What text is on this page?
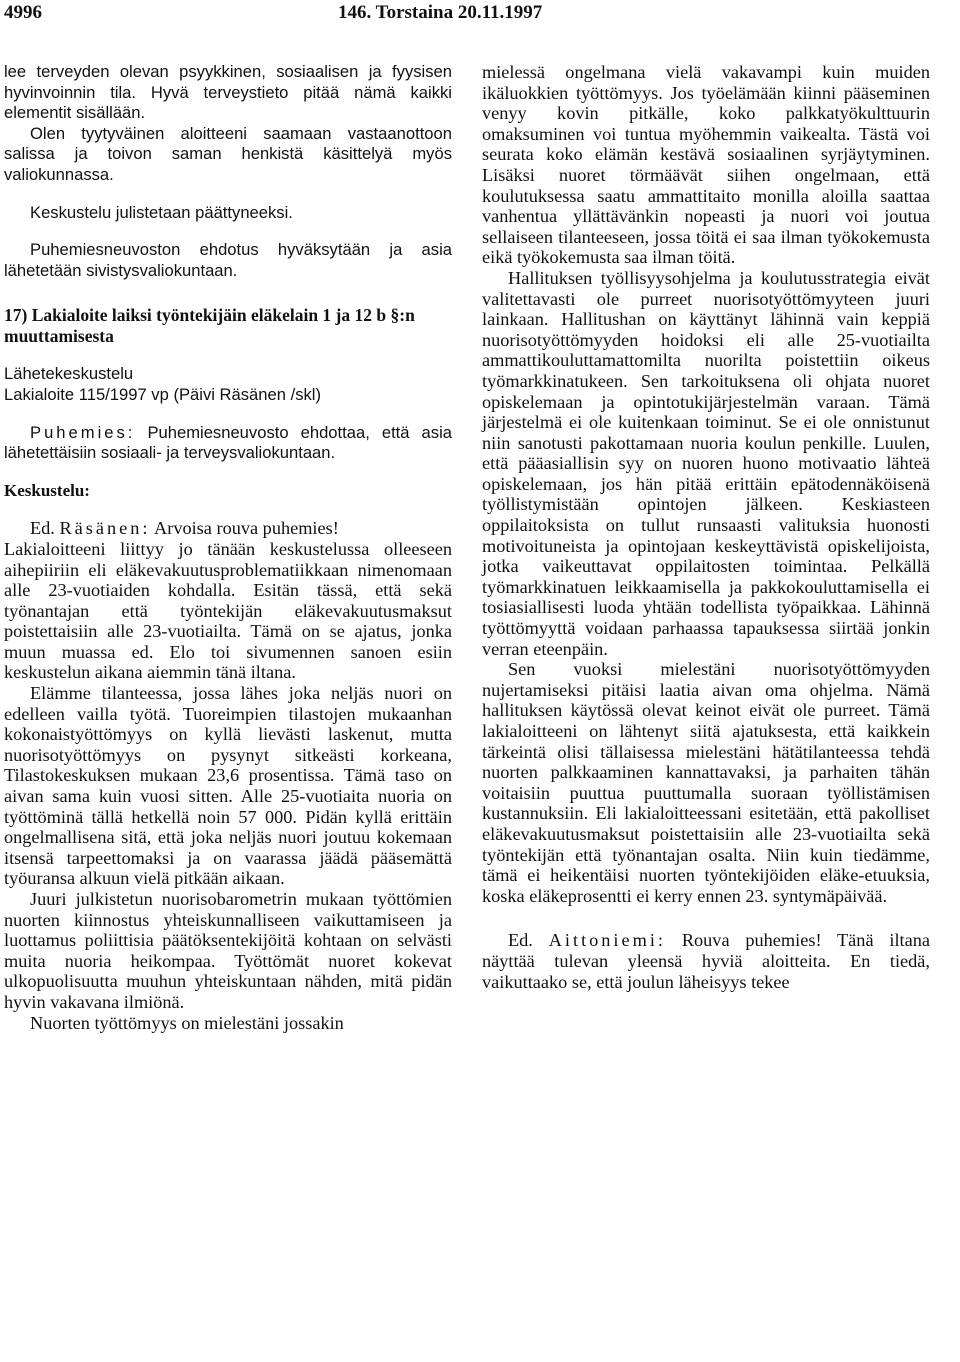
4996	146. Torstaina 20.11.1997

lee terveyden olevan psyykkinen, sosiaalisen ja fyysisen hyvinvoinnin tila. Hyvä terveystieto pitää nämä kaikki elementit sisällään.

Olen tyytyväinen aloitteeni saamaan vastaanottoon salissa ja toivon saman henkistä käsittelyä myös valiokunnassa.

Keskustelu julistetaan päättyneeksi.

Puhemiesneuvoston ehdotus hyväksytään ja asia lähetetään sivistysvaliokuntaan.

17) Lakialoite laiksi työntekijäin eläkelain 1 ja 12 b §:n muuttamisesta

Lähetekeskustelu

Lakialoite 115/1997 vp (Päivi Räsänen /skl)

Puhemies: Puhemiesneuvosto ehdottaa, että asia lähetettäisiin sosiaali- ja terveysvaliokuntaan.

Keskustelu:

Ed. Räsänen: Arvoisa rouva puhemies!

Lakialoitteeni liittyy jo tänään keskustelussa olleeseen aihepiiriin eli eläkevakuutusproblematiikkaan nimenomaan alle 23-vuotiaiden kohdalla. Esitän tässä, että sekä työnantajan että työntekijän eläkevakuutusmaksut poistettaisiin alle 23-vuotiailta. Tämä on se ajatus, jonka muun muassa ed. Elo toi sivumennen sanoen esiin keskustelun aikana aiemmin tänä iltana.

Elämme tilanteessa, jossa lähes joka neljäs nuori on edelleen vailla työtä. Tuoreimpien tilastojen mukaanhan kokonaistyöttömyys on kyllä lievästi laskenut, mutta nuorisotyöttömyys on pysynyt sitkeästi korkeana, Tilastokeskuksen mukaan 23,6 prosentissa. Tämä taso on aivan sama kuin vuosi sitten. Alle 25-vuotiaita nuoria on työttöminä tällä hetkellä noin 57 000. Pidän kyllä erittäin ongelmallisena sitä, että joka neljäs nuori joutuu kokemaan itsensä tarpeettomaksi ja on vaarassa jäädä pääsemättä työuransa alkuun vielä pitkään aikaan.

Juuri julkistetun nuorisobarometrin mukaan työttömien nuorten kiinnostus yhteiskunnalliseen vaikuttamiseen ja luottamus poliittisia päätöksentekijöitä kohtaan on selvästi muita nuoria heikompaa. Työttömät nuoret kokevat ulkopuolisuutta muuhun yhteiskuntaan nähden, mitä pidän hyvin vakavana ilmiönä.

Nuorten työttömyys on mielestäni jossakin

mielessä ongelmana vielä vakavampi kuin muiden ikäluokkien työttömyys. Jos työelämään kiinni pääseminen venyy kovin pitkälle, koko palkkatyökulttuurin omaksuminen voi tuntua myöhemmin vaikealta. Tästä voi seurata koko elämän kestävä sosiaalinen syrjäytyminen. Lisäksi nuoret törmäävät siihen ongelmaan, että koulutuksessa saatu ammattitaito monilla aloilla saattaa vanhentua yllättävänkin nopeasti ja nuori voi joutua sellaiseen tilanteeseen, jossa töitä ei saa ilman työkokemusta eikä työkokemusta saa ilman töitä.

Hallituksen työllisyysohjelma ja koulutusstrategia eivät valitettavasti ole purreet nuorisotyöttömyyteen juuri lainkaan. Hallitushan on käyttänyt lähinnä vain keppiä nuorisotyöttömyyden hoidoksi eli alle 25-vuotiailta ammattikouluttamattomilta nuorilta poistettiin oikeus työmarkkinatukeen. Sen tarkoituksena oli ohjata nuoret opiskelemaan ja opintotukijärjestelmän varaan. Tämä järjestelmä ei ole kuitenkaan toiminut. Se ei ole onnistunut niin sanotusti pakottamaan nuoria koulun penkille. Luulen, että pääasiallisin syy on nuoren huono motivaatio lähteä opiskelemaan, jos hän pitää erittäin epätodennäköisenä työllistymistään opintojen jälkeen. Keskiasteen oppilaitoksista on tullut runsaasti valituksia huonosti motivoituneista ja opintojaan keskeyttävistä opiskelijoista, jotka vaikeuttavat oppilaitosten toimintaa. Pelkällä työmarkkinatuen leikkaamisella ja pakkokouluttamisella ei tosiasiallisesti luoda yhtään todellista työpaikkaa. Lähinnä työttömyyttä voidaan parhaassa tapauksessa siirtää jonkin verran eteenpäin.

Sen vuoksi mielestäni nuorisotyöttömyyden nujertamiseksi pitäisi laatia aivan oma ohjelma. Nämä hallituksen käytössä olevat keinot eivät ole purreet. Tämä lakialoitteeni on lähtenyt siitä ajatuksesta, että kaikkein tärkeintä olisi tällaisessa mielestäni hätätilanteessa tehdä nuorten palkkaaminen kannattavaksi, ja parhaiten tähän voitaisiin puuttua puuttumalla suoraan työllistämisen kustannuksiin. Eli lakialoitteessani esitetään, että pakolliset eläkevakuutusmaksut poistettaisiin alle 23-vuotiailta sekä työntekijän että työnantajan osalta. Niin kuin tiedämme, tämä ei heikentäisi nuorten työntekijöiden eläke-etuuksia, koska eläkeprosentti ei kerry ennen 23. syntymäpäivää.

Ed. Aittoniemi: Rouva puhemies! Tänä iltana näyttää tulevan yleensä hyviä aloitteita. En tiedä, vaikuttaako se, että joulun läheisyys tekee
